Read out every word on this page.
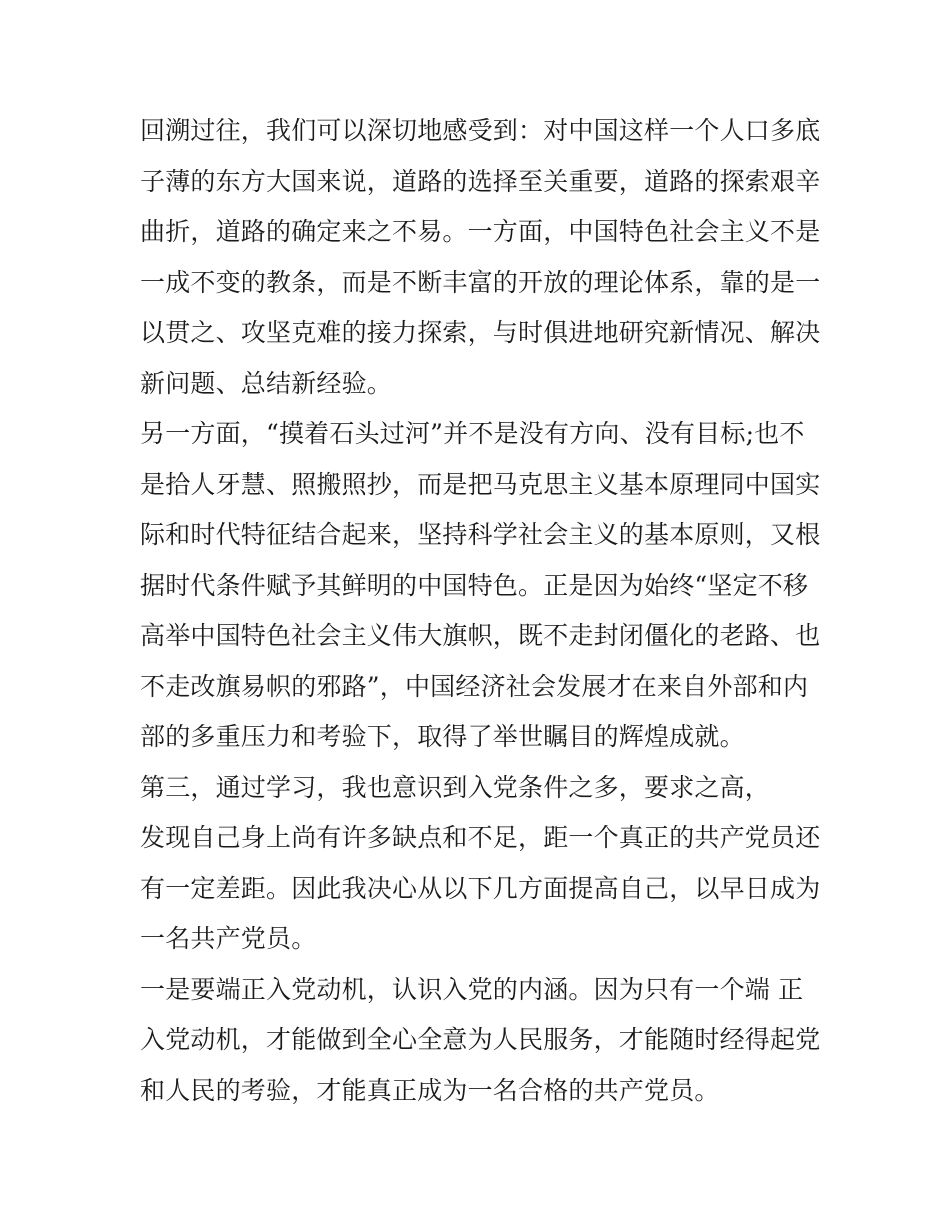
回溯过往，我们可以深切地感受到：对中国这样一个人口多底
子薄的东方大国来说，道路的选择至关重要，道路的探索艰辛
曲折，道路的确定来之不易。一方面，中国特色社会主义不是
一成不变的教条，而是不断丰富的开放的理论体系，靠的是一
以贯之、攻坚克难的接力探索，与时俱进地研究新情况、解决
新问题、总结新经验。
另一方面，“摸着石头过河”并不是没有方向、没有目标;也不
是拾人牙慧、照搬照抄，而是把马克思主义基本原理同中国实
际和时代特征结合起来，坚持科学社会主义的基本原则，又根
据时代条件赋予其鲜明的中国特色。正是因为始终“坚定不移
高举中国特色社会主义伟大旗帜，既不走封闭僵化的老路、也
不走改旗易帜的邪路”，中国经济社会发展才在来自外部和内
部的多重压力和考验下，取得了举世瞩目的辉煌成就。
第三，通过学习，我也意识到入党条件之多，要求之高，
发现自己身上尚有许多缺点和不足，距一个真正的共产党员还
有一定差距。因此我决心从以下几方面提高自己，以早日成为
一名共产党员。
一是要端正入党动机，认识入党的内涵。因为只有一个端 正
入党动机，才能做到全心全意为人民服务，才能随时经得起党
和人民的考验，才能真正成为一名合格的共产党员。
